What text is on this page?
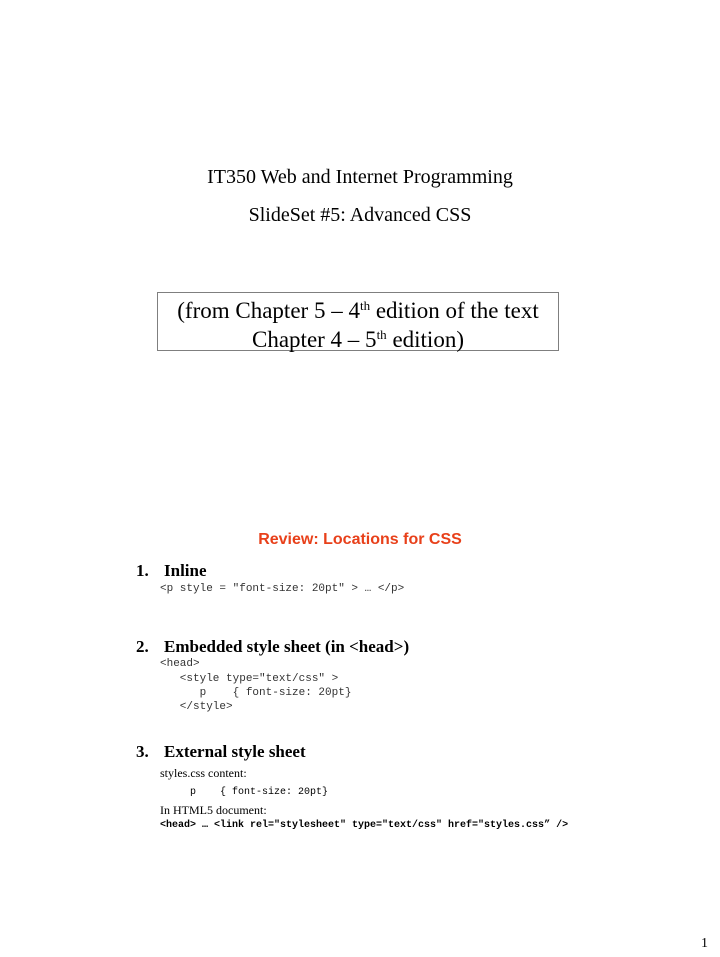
IT350 Web and Internet Programming
SlideSet #5: Advanced CSS
(from Chapter 5 – 4th edition of the text
Chapter 4 – 5th edition)
Review: Locations for CSS
1. Inline
<p style = "font-size: 20pt" > … </p>
2. Embedded style sheet (in <head>)
<head>
<style type="text/css" >
p    { font-size: 20pt}
</style>
3. External style sheet
styles.css content:
p    { font-size: 20pt}
In HTML5 document:
<head> … <link rel="stylesheet" type="text/css" href="styles.css” />
1
